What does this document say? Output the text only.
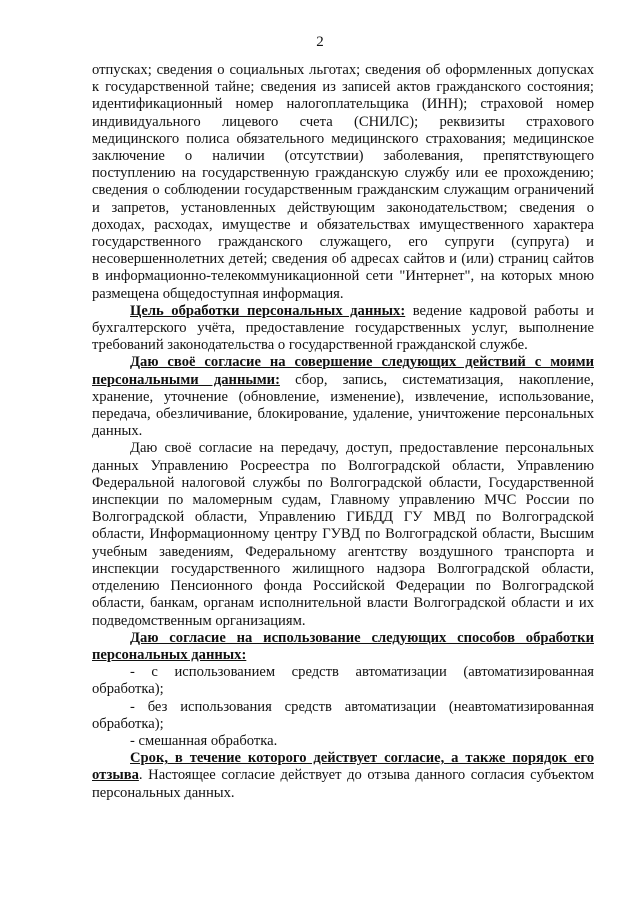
2

отпусках; сведения о социальных льготах; сведения об оформленных допусках к государственной тайне; сведения из записей актов гражданского состояния; идентификационный номер налогоплательщика (ИНН); страховой номер индивидуального лицевого счета (СНИЛС); реквизиты страхового медицинского полиса обязательного медицинского страхования; медицинское заключение о наличии (отсутствии) заболевания, препятствующего поступлению на государственную гражданскую службу или ее прохождению; сведения о соблюдении государственным гражданским служащим ограничений и запретов, установленных действующим законодательством; сведения о доходах, расходах, имуществе и обязательствах имущественного характера государственного гражданского служащего, его супруги (супруга) и несовершеннолетних детей; сведения об адресах сайтов и (или) страниц сайтов в информационно-телекоммуникационной сети "Интернет", на которых мною размещена общедоступная информация.

Цель обработки персональных данных: ведение кадровой работы и бухгалтерского учёта, предоставление государственных услуг, выполнение требований законодательства о государственной гражданской службе.

Даю своё согласие на совершение следующих действий с моими персональными данными: сбор, запись, систематизация, накопление, хранение, уточнение (обновление, изменение), извлечение, использование, передача, обезличивание, блокирование, удаление, уничтожение персональных данных.

Даю своё согласие на передачу, доступ, предоставление персональных данных Управлению Росреестра по Волгоградской области, Управлению Федеральной налоговой службы по Волгоградской области, Государственной инспекции по маломерным судам, Главному управлению МЧС России по Волгоградской области, Управлению ГИБДД ГУ МВД по Волгоградской области, Информационному центру ГУВД по Волгоградской области, Высшим учебным заведениям, Федеральному агентству воздушного транспорта и инспекции государственного жилищного надзора Волгоградской области, отделению Пенсионного фонда Российской Федерации по Волгоградской области, банкам, органам исполнительной власти Волгоградской области и их подведомственным организациям.

Даю согласие на использование следующих способов обработки персональных данных:

- с использованием средств автоматизации (автоматизированная обработка);

- без использования средств автоматизации (неавтоматизированная обработка);

- смешанная обработка.

Срок, в течение которого действует согласие, а также порядок его отзыва. Настоящее согласие действует до отзыва данного согласия субъектом персональных данных.
